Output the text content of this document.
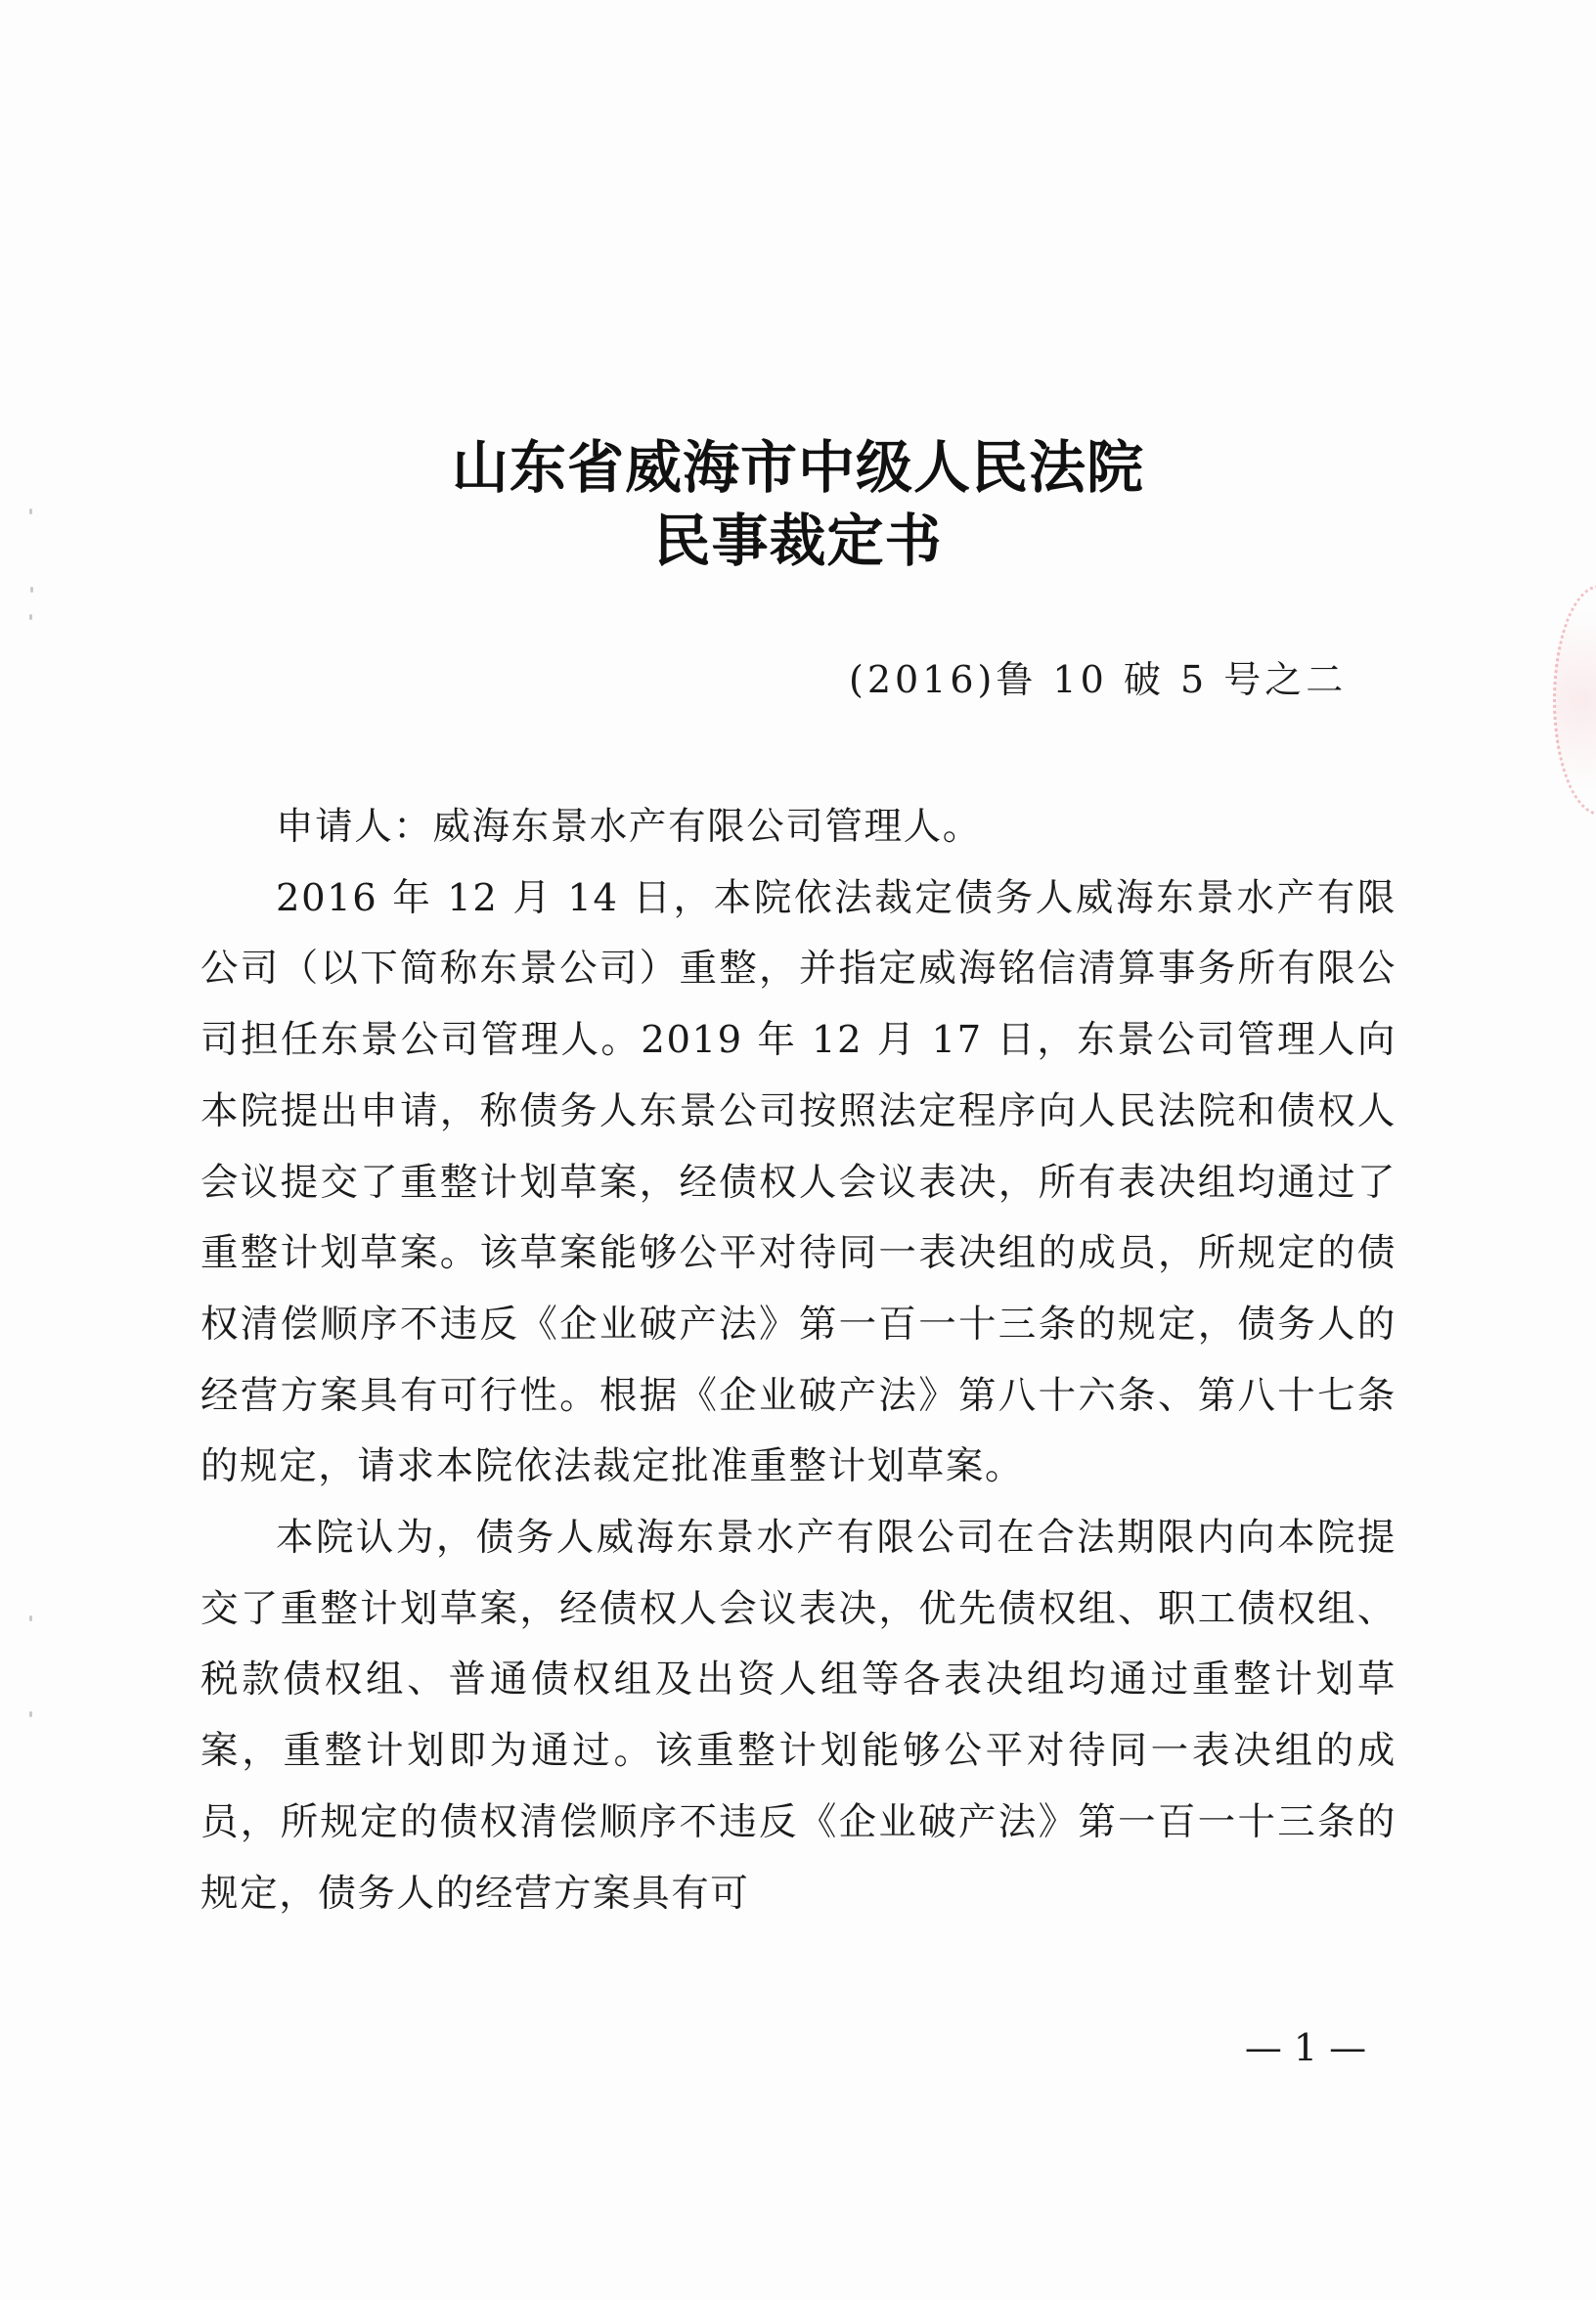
山东省威海市中级人民法院
民事裁定书
(2016)鲁 10 破 5 号之二

申请人：威海东景水产有限公司管理人。

2016 年 12 月 14 日，本院依法裁定债务人威海东景水产有限公司（以下简称东景公司）重整，并指定威海铭信清算事务所有限公司担任东景公司管理人。2019 年 12 月 17 日，东景公司管理人向本院提出申请，称债务人东景公司按照法定程序向人民法院和债权人会议提交了重整计划草案，经债权人会议表决，所有表决组均通过了重整计划草案。该草案能够公平对待同一表决组的成员，所规定的债权清偿顺序不违反《企业破产法》第一百一十三条的规定，债务人的经营方案具有可行性。根据《企业破产法》第八十六条、第八十七条的规定，请求本院依法裁定批准重整计划草案。

本院认为，债务人威海东景水产有限公司在合法期限内向本院提交了重整计划草案，经债权人会议表决，优先债权组、职工债权组、税款债权组、普通债权组及出资人组等各表决组均通过重整计划草案，重整计划即为通过。该重整计划能够公平对待同一表决组的成员，所规定的债权清偿顺序不违反《企业破产法》第一百一十三条的规定，债务人的经营方案具有可

— 1 —
